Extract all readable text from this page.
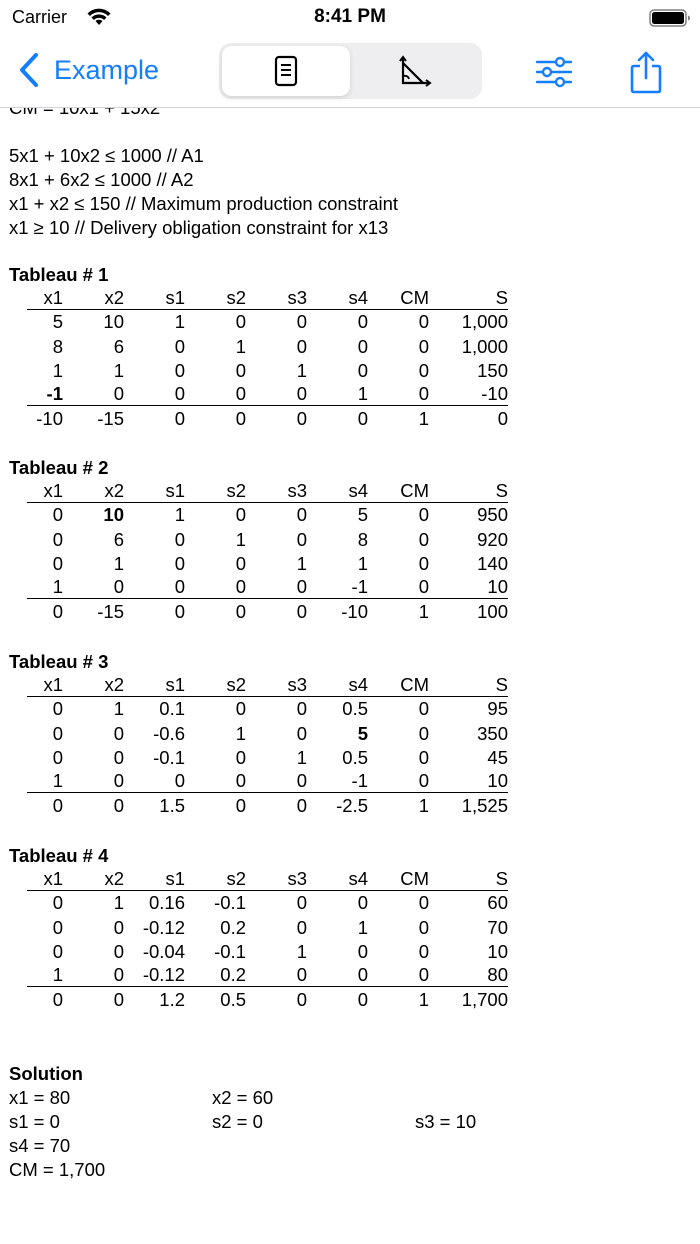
Carrier	8:41 PM
Example
5x1 + 10x2 ≤ 1000 // A1
8x1 + 6x2 ≤ 1000 // A2
x1 + x2 ≤ 150 // Maximum production constraint
x1 ≥ 10 // Delivery obligation constraint for x13
Tableau # 1
x1	x2	s1	s2	s3	s4	CM	S
5	10	1	0	0	0	0	1,000
8	6	0	1	0	0	0	1,000
1	1	0	0	1	0	0	150
-1	0	0	0	0	1	0	-10
-10	-15	0	0	0	0	1	0
Tableau # 2
x1	x2	s1	s2	s3	s4	CM	S
0	10	1	0	0	5	0	950
0	6	0	1	0	8	0	920
0	1	0	0	1	1	0	140
1	0	0	0	0	-1	0	10
0	-15	0	0	0	-10	1	100
Tableau # 3
x1	x2	s1	s2	s3	s4	CM	S
0	1	0.1	0	0	0.5	0	95
0	0	-0.6	1	0	5	0	350
0	0	-0.1	0	1	0.5	0	45
1	0	0	0	0	-1	0	10
0	0	1.5	0	0	-2.5	1	1,525
Tableau # 4
x1	x2	s1	s2	s3	s4	CM	S
0	1	0.16	-0.1	0	0	0	60
0	0	-0.12	0.2	0	1	0	70
0	0	-0.04	-0.1	1	0	0	10
1	0	-0.12	0.2	0	0	0	80
0	0	1.2	0.5	0	0	1	1,700
Solution
x1 = 80	x2 = 60
s1 = 0	s2 = 0	s3 = 10
s4 = 70
CM = 1,700
